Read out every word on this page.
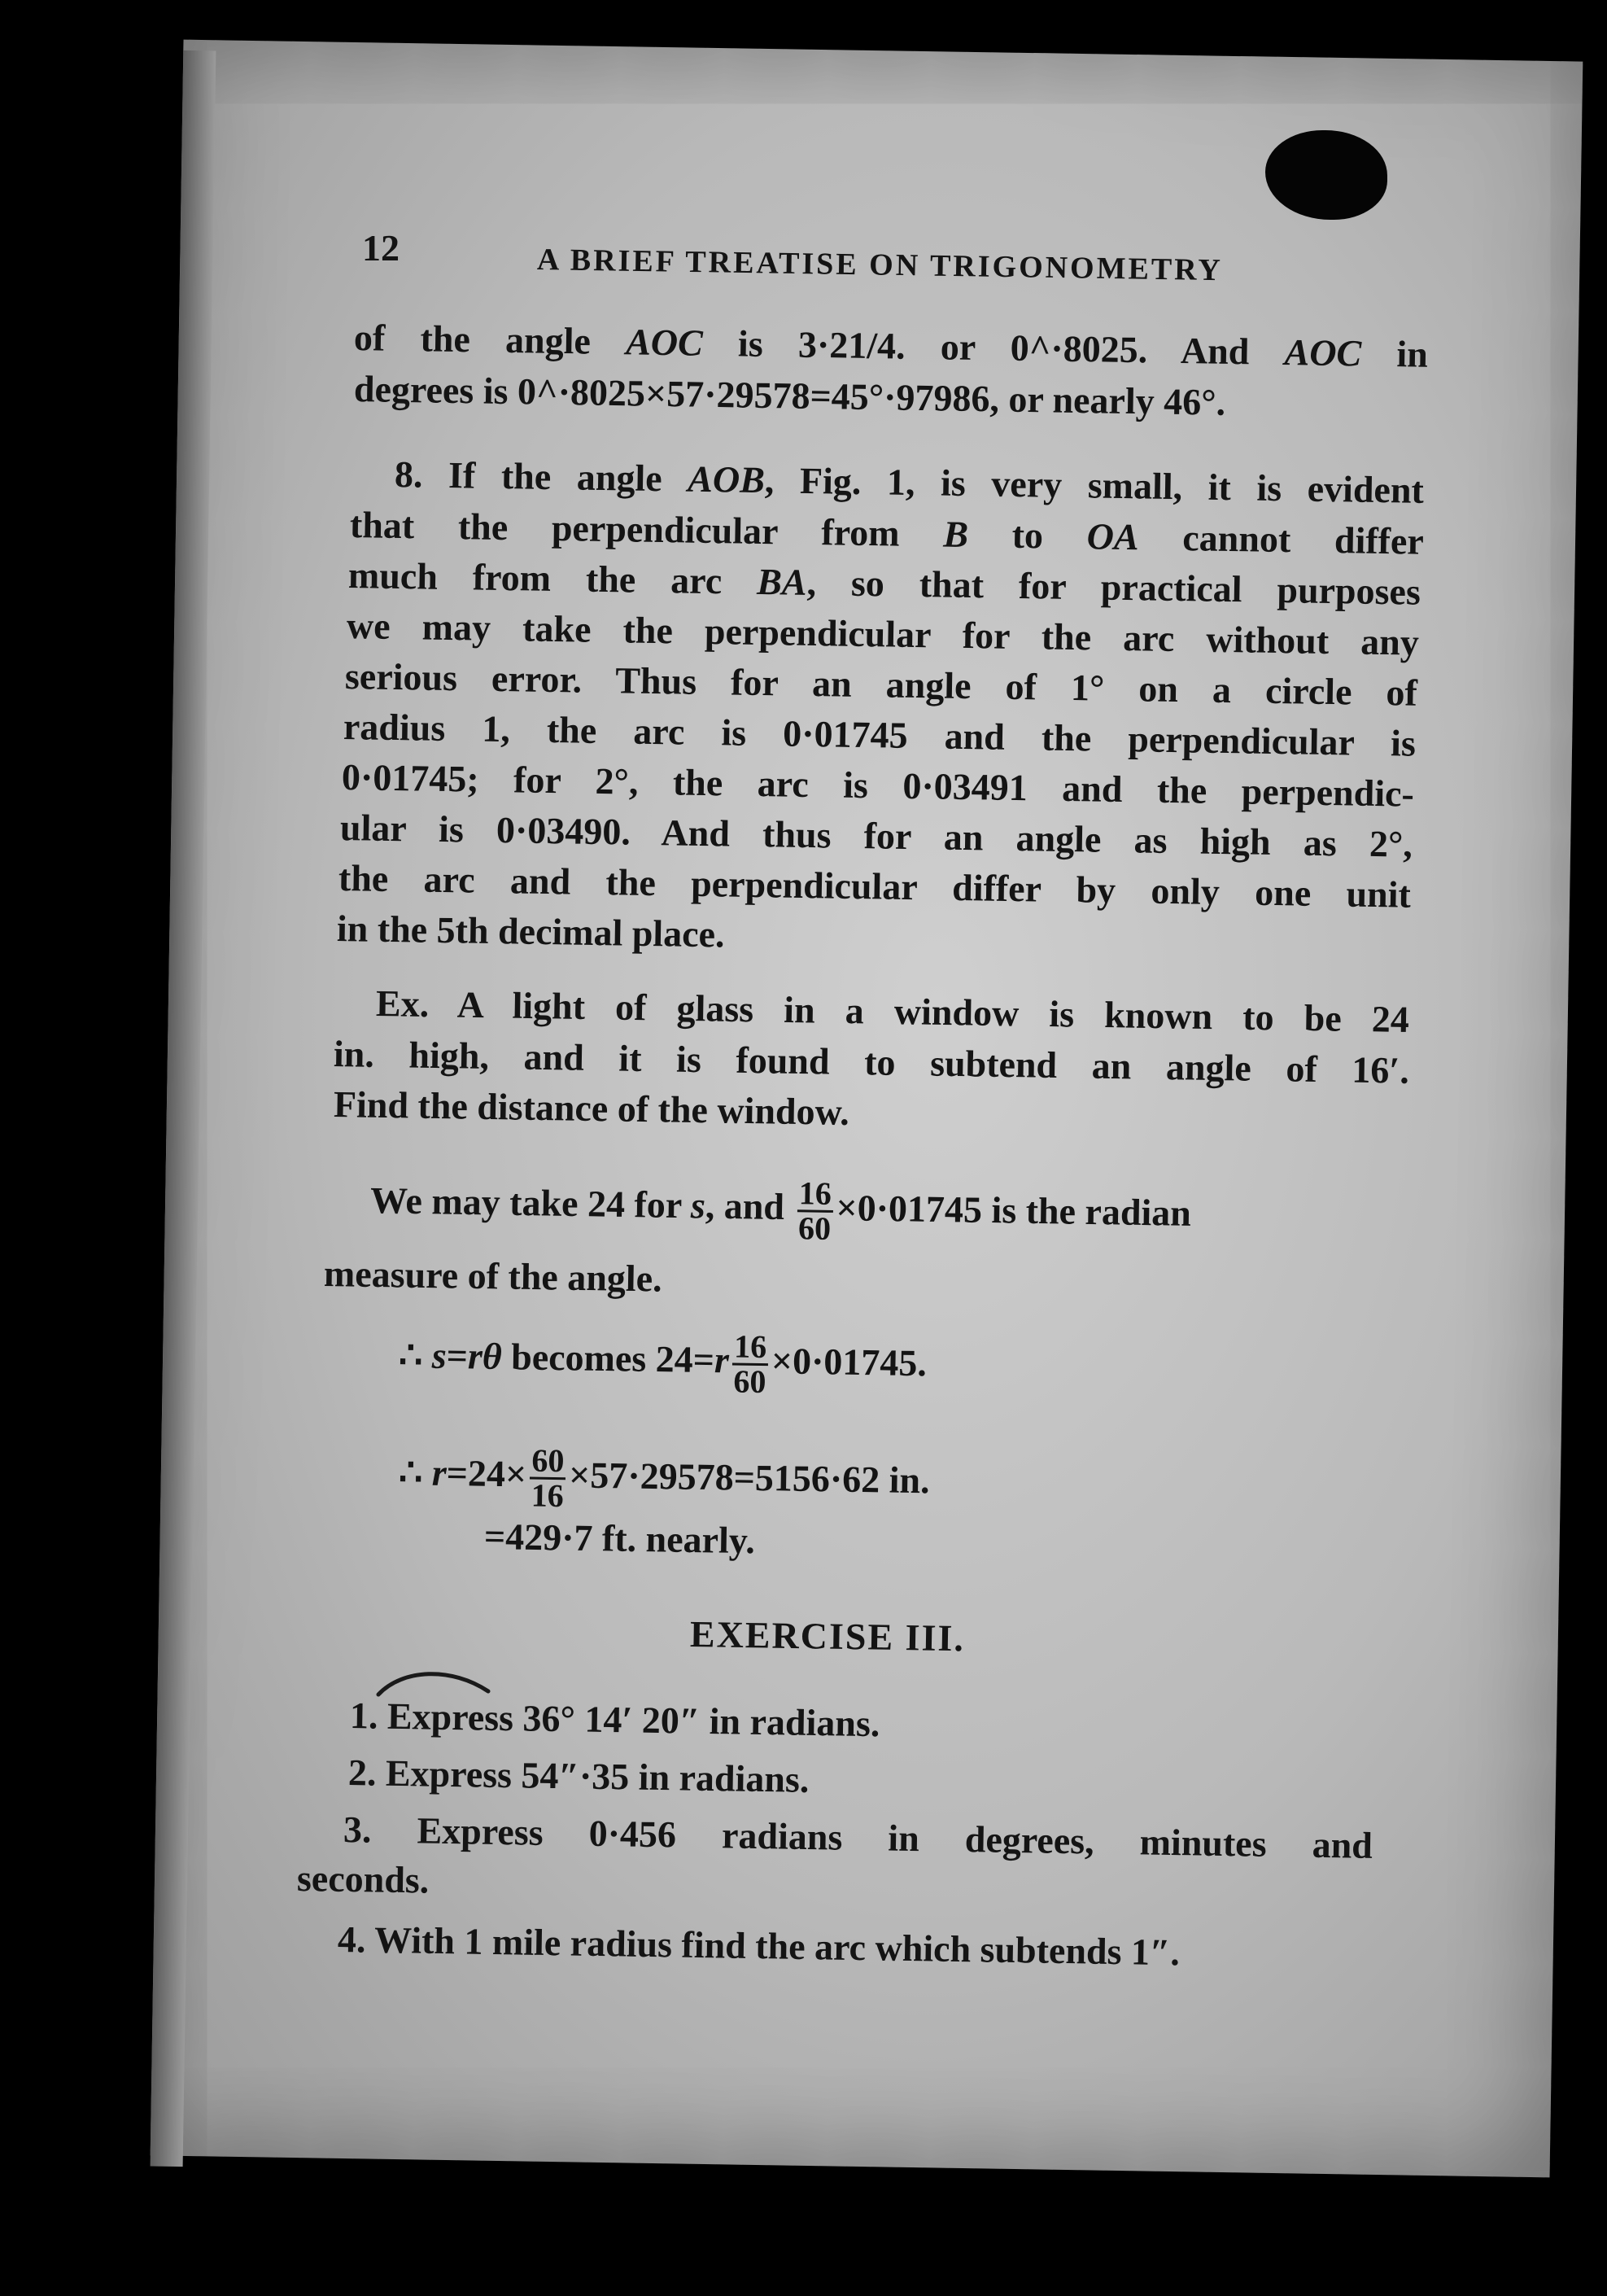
12	A BRIEF TREATISE ON TRIGONOMETRY
of the angle AOC is 3·21/4. or 0^·8025. And AOC in
degrees is 0^·8025×57·29578=45°·97986, or nearly 46°.
8. If the angle AOB, Fig. 1, is very small, it is evident
that the perpendicular from B to OA cannot differ
much from the arc BA, so that for practical purposes
we may take the perpendicular for the arc without any
serious error. Thus for an angle of 1° on a circle of
radius 1, the arc is 0·01745 and the perpendicular is
0·01745; for 2°, the arc is 0·03491 and the perpendic-
ular is 0·03490. And thus for an angle as high as 2°,
the arc and the perpendicular differ by only one unit
in the 5th decimal place.
Ex. A light of glass in a window is known to be 24
in. high, and it is found to subtend an angle of 16′.
Find the distance of the window.
We may take 24 for s, and $\frac{16}{60} \times 0\cdot 01745$ is the radian
measure of the angle.
∴ s=rθ becomes $24=r \frac{16}{60} \times 0\cdot 01745$.
∴ $r=24\times \frac{60}{16} \times 57\cdot 29578=5156\cdot 62$ in.
=429·7 ft. nearly.
EXERCISE III.
1. Express 36° 14′ 20″ in radians.
2. Express 54″·35 in radians.
3. Express 0·456 radians in degrees, minutes and
seconds.
4. With 1 mile radius find the arc which subtends 1″.
